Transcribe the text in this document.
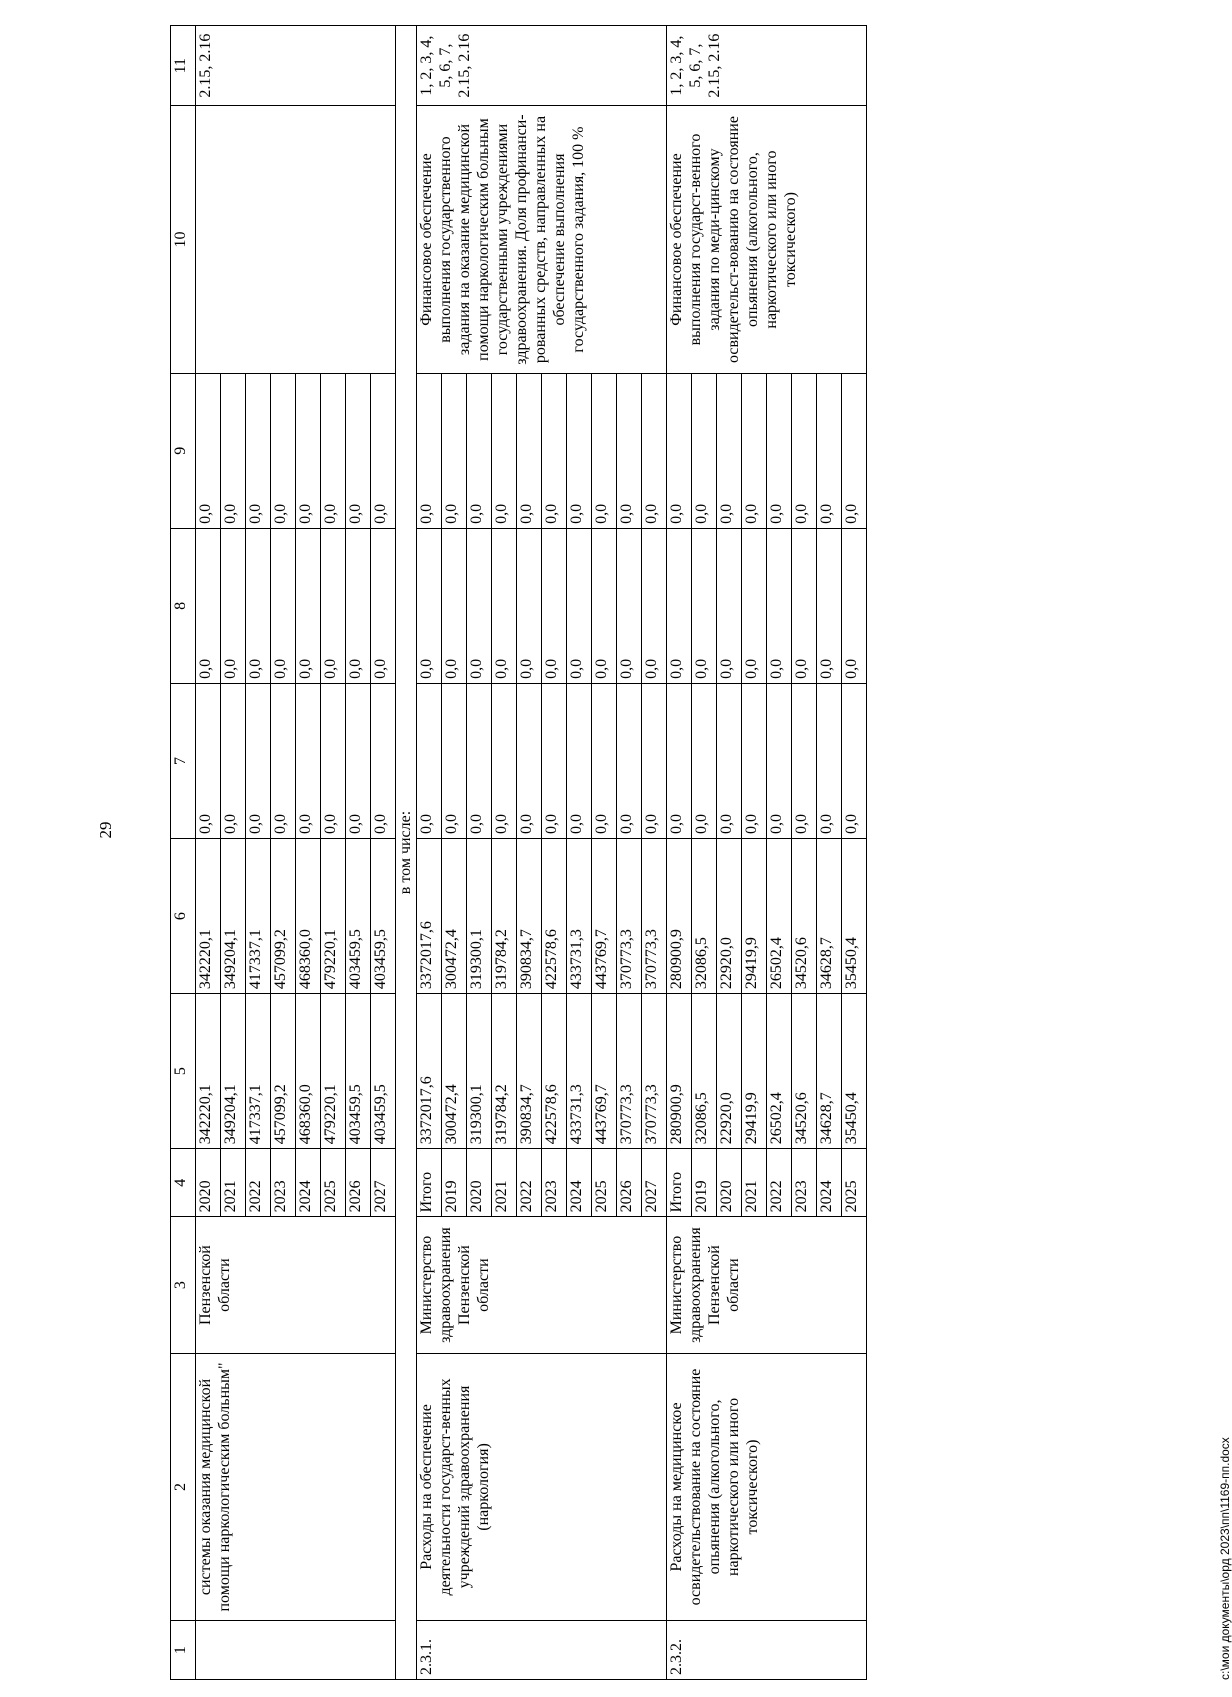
29
1	2	3	4	5	6	7	8	9	10	11
	системы оказания медицинской помощи наркологическим больным"	Пензенской области	2020	342220,1	342220,1	0,0	0,0	0,0		2.15, 2.16
			2021	349204,1	349204,1	0,0	0,0	0,0		
			2022	417337,1	417337,1	0,0	0,0	0,0		
			2023	457099,2	457099,2	0,0	0,0	0,0		
			2024	468360,0	468360,0	0,0	0,0	0,0		
			2025	479220,1	479220,1	0,0	0,0	0,0		
			2026	403459,5	403459,5	0,0	0,0	0,0		
			2027	403459,5	403459,5	0,0	0,0	0,0		
в том числе:										
2.3.1.	Расходы на обеспечение деятельности государст-венных учреждений здравоохранения (наркология)	Министерство здравоохранения Пензенской области	Итого	3372017,6	3372017,6	0,0	0,0	0,0	Финансовое обеспечение выполнения государственного задания на оказание медицинской помощи наркологическим больным государственными учреждениями здравоохранения. Доля профинанси-рованных средств, направленных на обеспечение выполнения государственного задания, 100 %	1, 2, 3, 4, 5, 6, 7, 2.15, 2.16
			2019	300472,4	300472,4	0,0	0,0	0,0		
			2020	319300,1	319300,1	0,0	0,0	0,0		
			2021	319784,2	319784,2	0,0	0,0	0,0		
			2022	390834,7	390834,7	0,0	0,0	0,0		
			2023	422578,6	422578,6	0,0	0,0	0,0		
			2024	433731,3	433731,3	0,0	0,0	0,0		
			2025	443769,7	443769,7	0,0	0,0	0,0		
			2026	370773,3	370773,3	0,0	0,0	0,0		
			2027	370773,3	370773,3	0,0	0,0	0,0		
2.3.2.	Расходы на медицинское освидетельствование на состояние опьянения (алкогольного, наркотического или иного токсического)	Министерство здравоохранения Пензенской области	Итого	280900,9	280900,9	0,0	0,0	0,0	Финансовое обеспечение выполнения государст-венного задания по меди-цинскому освидетельст-вованию на состояние опьянения (алкогольного, наркотического или иного токсического)	1, 2, 3, 4, 5, 6, 7, 2.15, 2.16
			2019	32086,5	32086,5	0,0	0,0	0,0		
			2020	22920,0	22920,0	0,0	0,0	0,0		
			2021	29419,9	29419,9	0,0	0,0	0,0		
			2022	26502,4	26502,4	0,0	0,0	0,0		
			2023	34520,6	34520,6	0,0	0,0	0,0		
			2024	34628,7	34628,7	0,0	0,0	0,0		
			2025	35450,4	35450,4	0,0	0,0	0,0		
c:\мои документы\орд 2023\пп\1169-пп.docx
